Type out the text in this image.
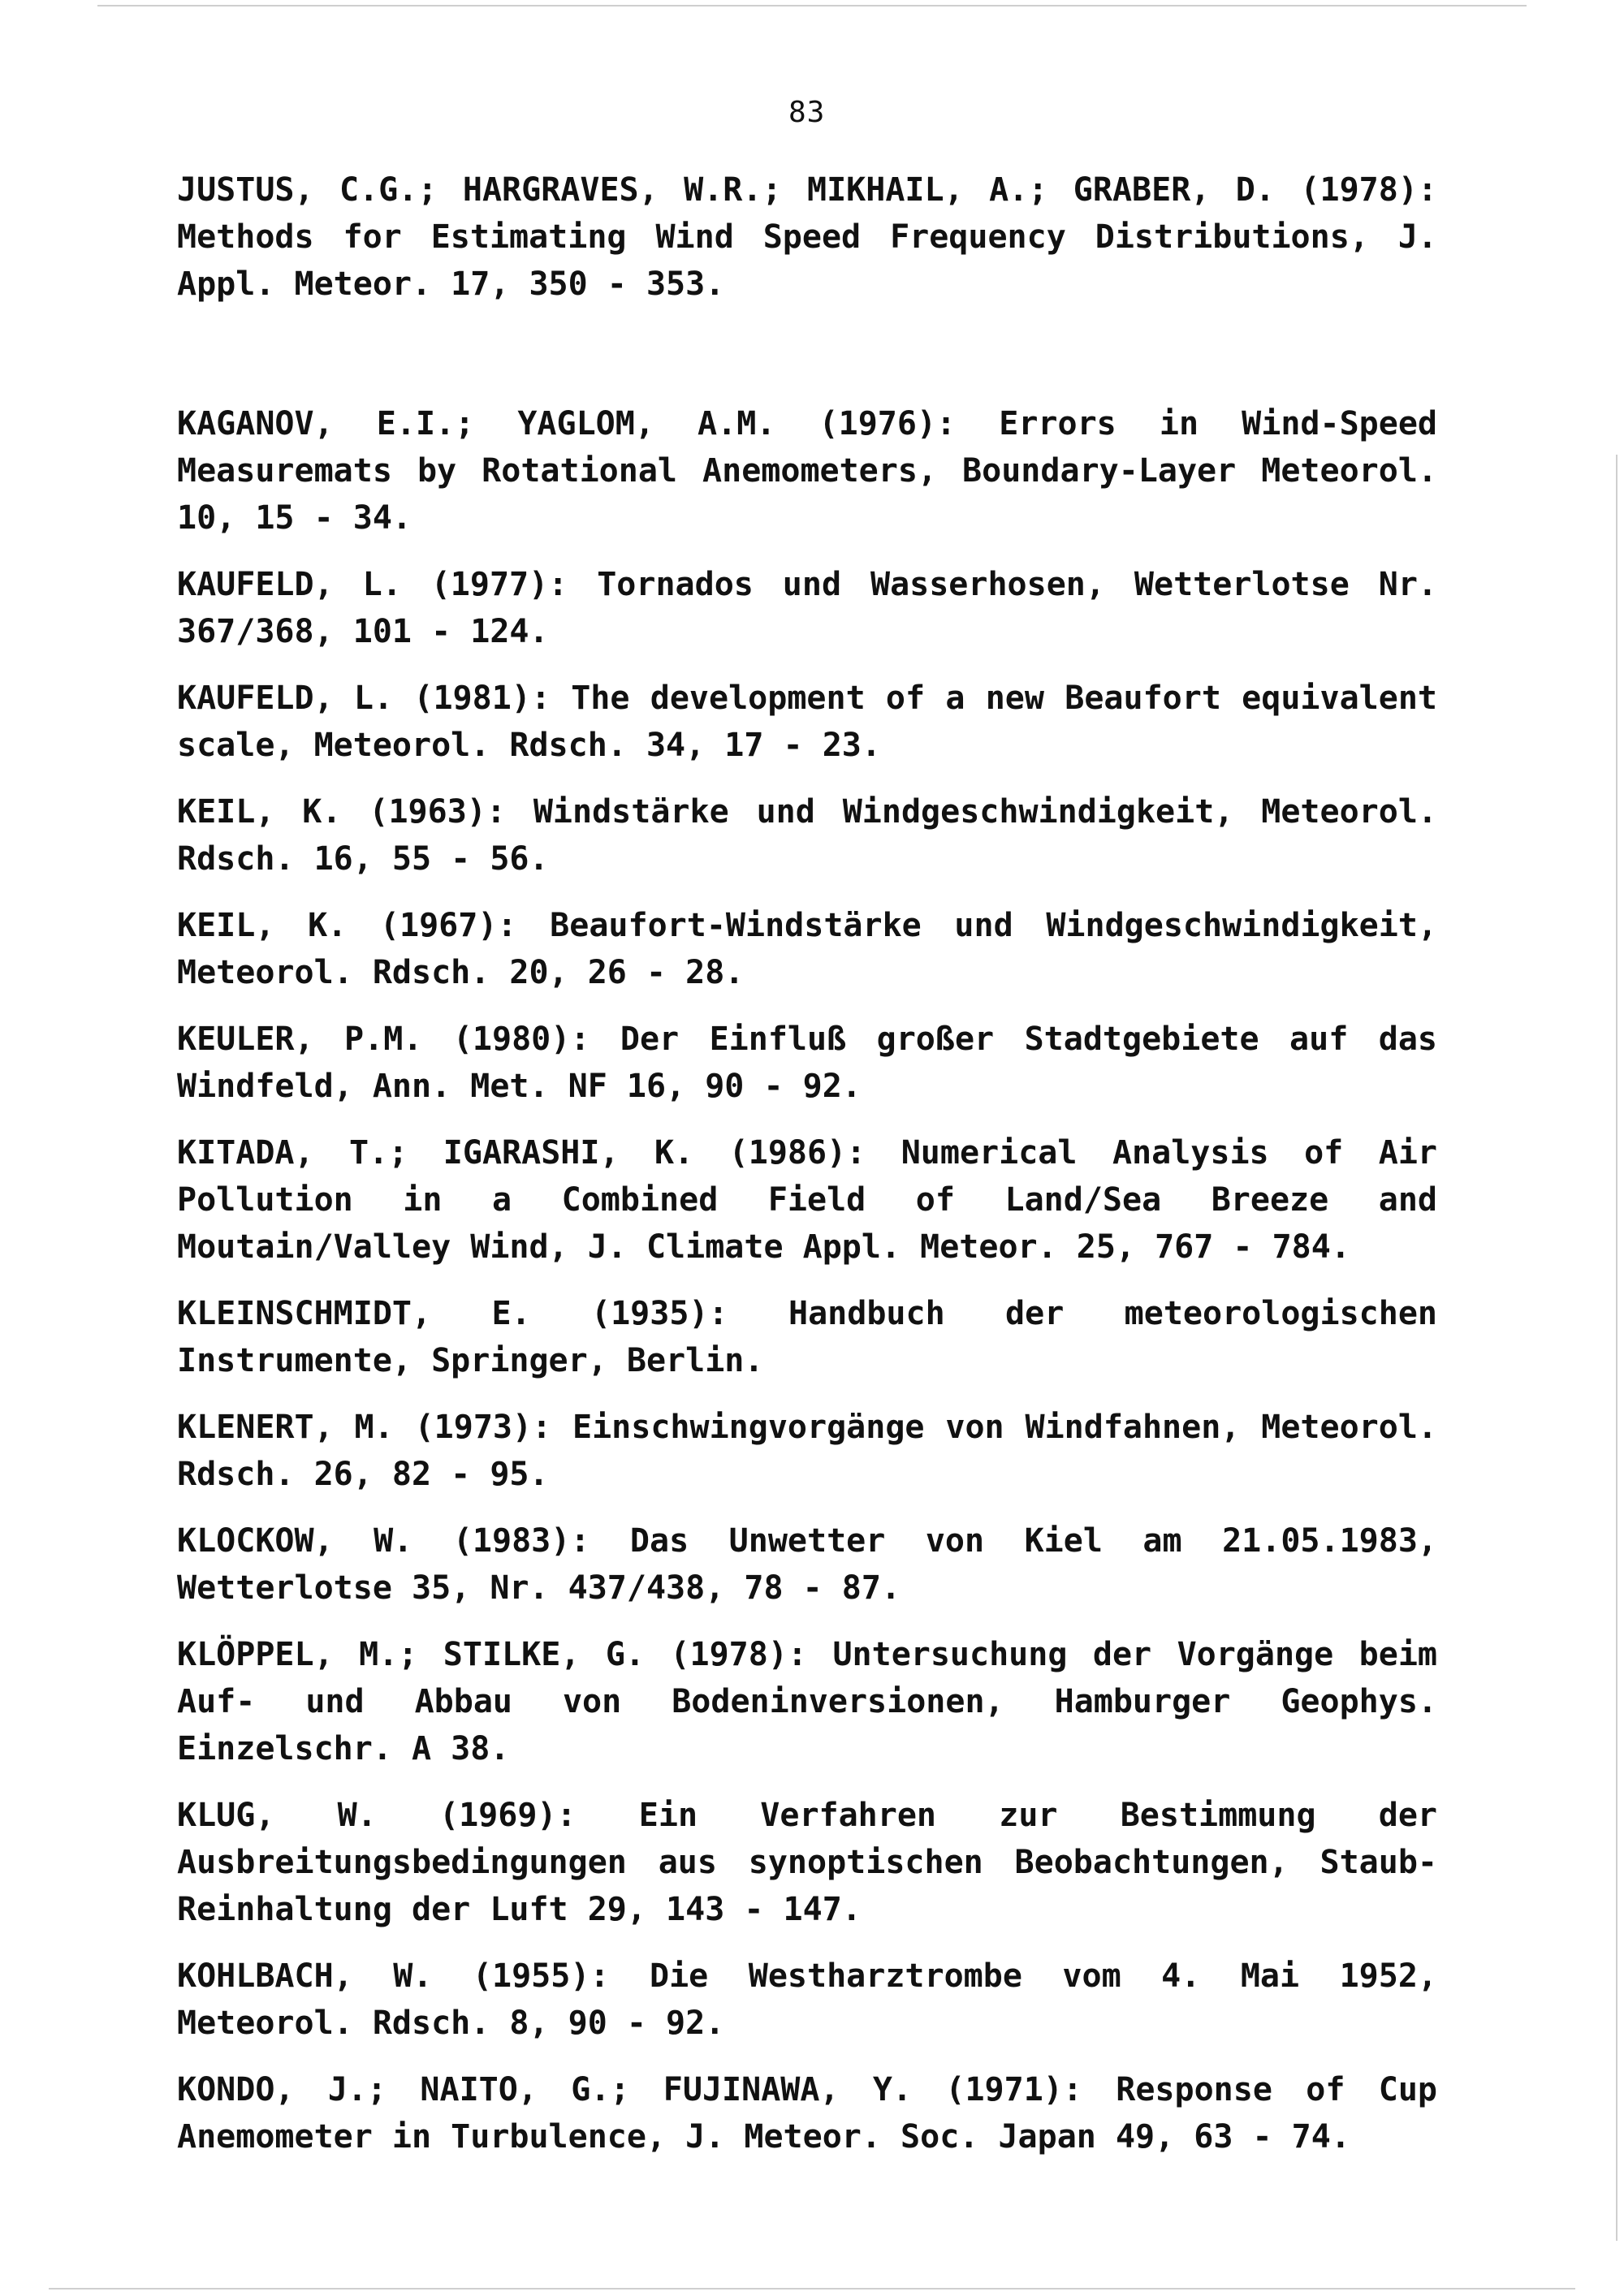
83

JUSTUS, C.G.; HARGRAVES, W.R.; MIKHAIL, A.; GRABER, D. (1978): Methods for Estimating Wind Speed Frequency Distributions, J. Appl. Meteor. 17, 350 - 353.

KAGANOV, E.I.; YAGLOM, A.M. (1976): Errors in Wind-Speed Measuremats by Rotational Anemometers, Boundary-Layer Meteorol. 10, 15 - 34.

KAUFELD, L. (1977): Tornados und Wasserhosen, Wetterlotse Nr. 367/368, 101 - 124.

KAUFELD, L. (1981): The development of a new Beaufort equivalent scale, Meteorol. Rdsch. 34, 17 - 23.

KEIL, K. (1963): Windstärke und Windgeschwindigkeit, Meteorol. Rdsch. 16, 55 - 56.

KEIL, K. (1967): Beaufort-Windstärke und Windgeschwindigkeit, Meteorol. Rdsch. 20, 26 - 28.

KEULER, P.M. (1980): Der Einfluß großer Stadtgebiete auf das Windfeld, Ann. Met. NF 16, 90 - 92.

KITADA, T.; IGARASHI, K. (1986): Numerical Analysis of Air Pollution in a Combined Field of Land/Sea Breeze and Moutain/Valley Wind, J. Climate Appl. Meteor. 25, 767 - 784.

KLEINSCHMIDT, E. (1935): Handbuch der meteorologischen Instrumente, Springer, Berlin.

KLENERT, M. (1973): Einschwingvorgänge von Windfahnen, Meteorol. Rdsch. 26, 82 - 95.

KLOCKOW, W. (1983): Das Unwetter von Kiel am 21.05.1983, Wetterlotse 35, Nr. 437/438, 78 - 87.

KLÖPPEL, M.; STILKE, G. (1978): Untersuchung der Vorgänge beim Auf- und Abbau von Bodeninversionen, Hamburger Geophys. Einzelschr. A 38.

KLUG, W. (1969): Ein Verfahren zur Bestimmung der Ausbreitungsbedingungen aus synoptischen Beobachtungen, Staub-Reinhaltung der Luft 29, 143 - 147.

KOHLBACH, W. (1955): Die Westharztrombe vom 4. Mai 1952, Meteorol. Rdsch. 8, 90 - 92.

KONDO, J.; NAITO, G.; FUJINAWA, Y. (1971): Response of Cup Anemometer in Turbulence, J. Meteor. Soc. Japan 49, 63 - 74.
